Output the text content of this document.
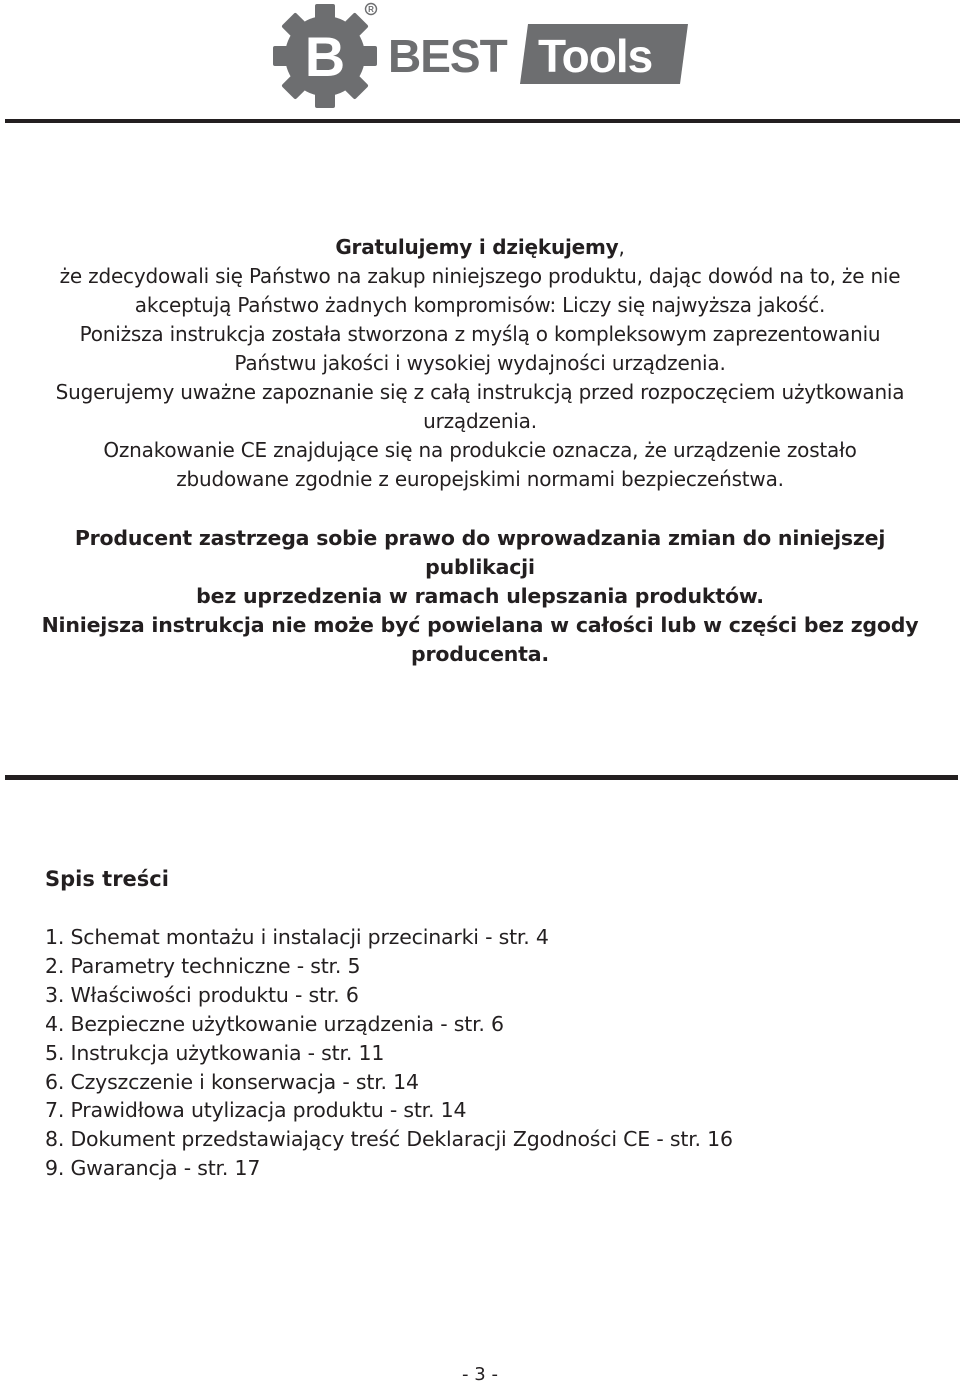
B BEST Tools
R

Gratulujemy i dziękujemy,

że zdecydowali się Państwo na zakup niniejszego produktu, dając dowód na to, że nie

akceptują Państwo żadnych kompromisów: Liczy się najwyższa jakość.

Poniższa instrukcja została stworzona z myślą o kompleksowym zaprezentowaniu

Państwu jakości i wysokiej wydajności urządzenia.

Sugerujemy uważne zapoznanie się z całą instrukcją przed rozpoczęciem użytkowania

urządzenia.

Oznakowanie CE znajdujące się na produkcie oznacza, że urządzenie zostało

zbudowane zgodnie z europejskimi normami bezpieczeństwa.

Producent zastrzega sobie prawo do wprowadzania zmian do niniejszej publikacji
bez uprzedzenia w ramach ulepszania produktów.
Niniejsza instrukcja nie może być powielana w całości lub w części bez zgody
producenta.
Spis treści
1. Schemat montażu i instalacji przecinarki - str. 4
2. Parametry techniczne - str. 5
3. Właściwości produktu - str. 6
4. Bezpieczne użytkowanie urządzenia - str. 6
5. Instrukcja użytkowania - str. 11
6. Czyszczenie i konserwacja - str. 14
7. Prawidłowa utylizacja produktu - str. 14
8. Dokument przedstawiający treść Deklaracji Zgodności CE - str. 16
9. Gwarancja - str. 17
- 3 -
